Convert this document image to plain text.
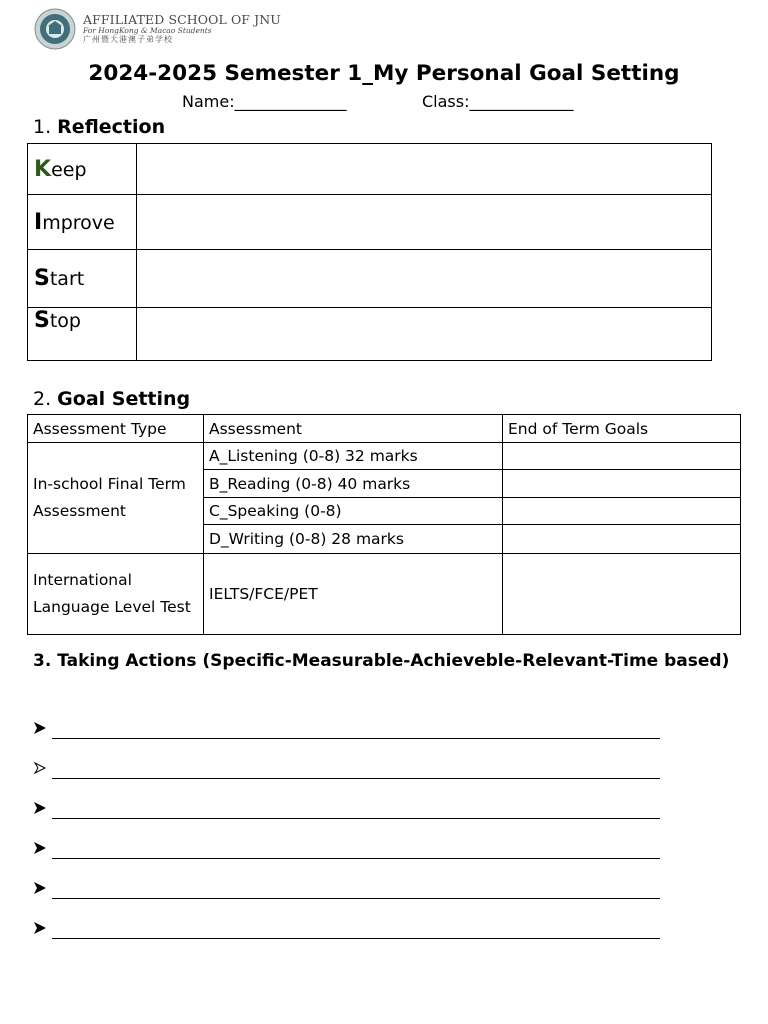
AFFILIATED SCHOOL OF JNU
For HongKong & Macao Students
广州暨大港澳子弟学校
2024-2025 Semester 1_My Personal Goal Setting
Name:______________	Class:_____________
1. Reflection
Keep	
Improve	
Start	
Stop	
2. Goal Setting
Assessment Type	Assessment	End of Term Goals
In-school Final Term Assessment	A_Listening (0-8) 32 marks	
	B_Reading (0-8) 40 marks	
	C_Speaking (0-8)	
	D_Writing (0-8) 28 marks	
International Language Level Test	IELTS/FCE/PET	
3. Taking Actions (Specific-Measurable-Achieveble-Relevant-Time based)
